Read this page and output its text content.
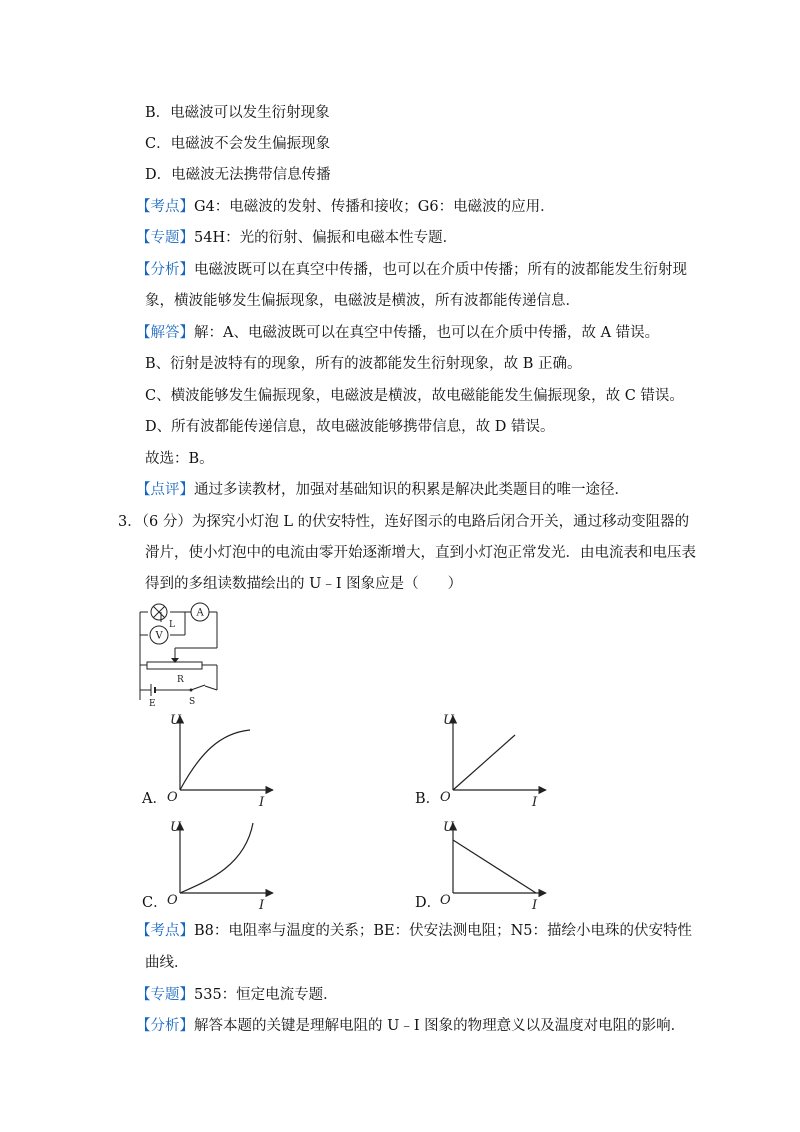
B．电磁波可以发生衍射现象
C．电磁波不会发生偏振现象
D．电磁波无法携带信息传播
【考点】G4：电磁波的发射、传播和接收；G6：电磁波的应用．
【专题】54H：光的衍射、偏振和电磁本性专题．
【分析】电磁波既可以在真空中传播，也可以在介质中传播；所有的波都能发生衍射现
象，横波能够发生偏振现象，电磁波是横波，所有波都能传递信息．
【解答】解：A、电磁波既可以在真空中传播，也可以在介质中传播，故 A 错误。
B、衍射是波特有的现象，所有的波都能发生衍射现象，故 B 正确。
C、横波能够发生偏振现象，电磁波是横波，故电磁能能发生偏振现象，故 C 错误。
D、所有波都能传递信息，故电磁波能够携带信息，故 D 错误。
故选：B。
【点评】通过多读教材，加强对基础知识的积累是解决此类题目的唯一途径．
3．（6 分）为探究小灯泡 L 的伏安特性，连好图示的电路后闭合开关，通过移动变阻器的
滑片，使小灯泡中的电流由零开始逐渐增大，直到小灯泡正常发光．由电流表和电压表
得到的多组读数描绘出的 U﹣I 图象应是（　　）
L
A
V
R
E	S
U
O	I
A．
U
O	I
B．
U
O	I
C．
U
O	I
D．
【考点】B8：电阻率与温度的关系；BE：伏安法测电阻；N5：描绘小电珠的伏安特性
曲线．
【专题】535：恒定电流专题．
【分析】解答本题的关键是理解电阻的 U﹣I 图象的物理意义以及温度对电阻的影响．
